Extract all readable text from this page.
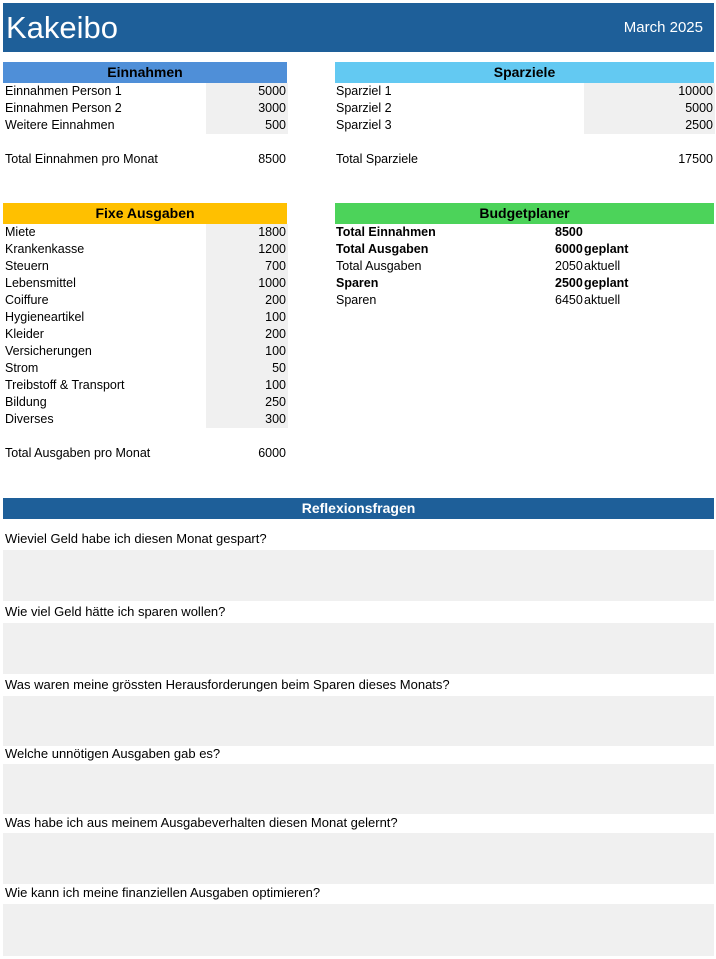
Kakeibo	March 2025
Einnahmen
Einnahmen Person 1	5000
Einnahmen Person 2	3000
Weitere Einnahmen	500
Total Einnahmen pro Monat	8500
Sparziele
Sparziel 1	10000
Sparziel 2	5000
Sparziel 3	2500
Total Sparziele	17500
Fixe Ausgaben
Miete	1800
Krankenkasse	1200
Steuern	700
Lebensmittel	1000
Coiffure	200
Hygieneartikel	100
Kleider	200
Versicherungen	100
Strom	50
Treibstoff & Transport	100
Bildung	250
Diverses	300
Total Ausgaben pro Monat	6000
Budgetplaner
Total Einnahmen	8500
Total Ausgaben	6000 geplant
Total Ausgaben	2050 aktuell
Sparen	2500 geplant
Sparen	6450 aktuell
Reflexionsfragen
Wieviel Geld habe ich diesen Monat gespart?
Wie viel Geld hätte ich sparen wollen?
Was waren meine grössten Herausforderungen beim Sparen dieses Monats?
Welche unnötigen Ausgaben gab es?
Was habe ich aus meinem Ausgabeverhalten diesen Monat gelernt?
Wie kann ich meine finanziellen Ausgaben optimieren?
